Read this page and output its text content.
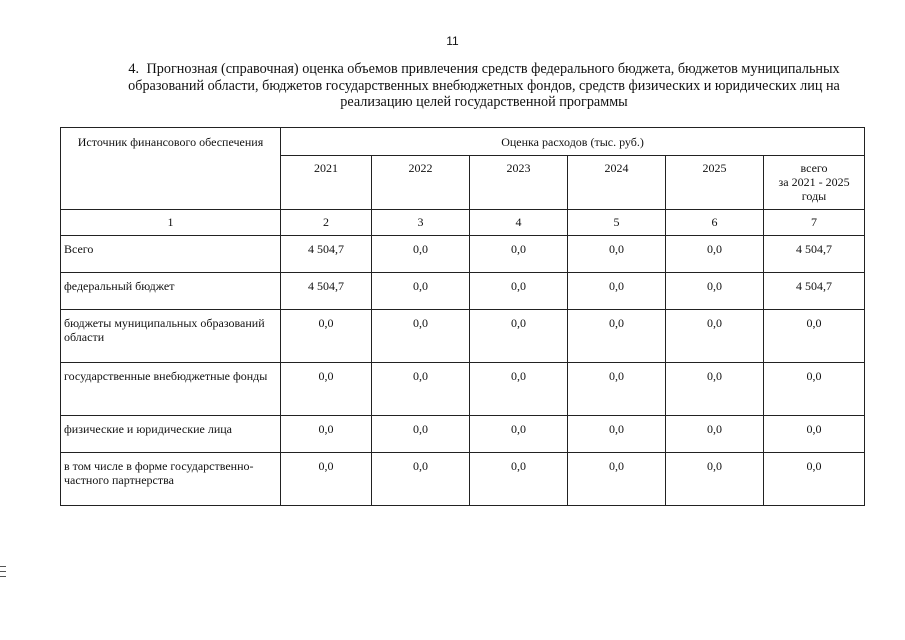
11
4. Прогнозная (справочная) оценка объемов привлечения средств федерального бюджета, бюджетов муниципальных образований области, бюджетов государственных внебюджетных фондов, средств физических и юридических лиц на реализацию целей государственной программы
Источник финансового обеспечения	Оценка расходов (тыс. руб.)					
	2021	2022	2023	2024	2025	всего
за 2021 - 2025
годы

1	2	3	4	5	6	7
Всего	4 504,7	0,0	0,0	0,0	0,0	4 504,7
федеральный бюджет	4 504,7	0,0	0,0	0,0	0,0	4 504,7
бюджеты муниципальных образований области	0,0	0,0	0,0	0,0	0,0	0,0
государственные внебюджетные фонды	0,0	0,0	0,0	0,0	0,0	0,0
физические и юридические лица	0,0	0,0	0,0	0,0	0,0	0,0
в том числе в форме государственно-частного партнерства	0,0	0,0	0,0	0,0	0,0	0,0
